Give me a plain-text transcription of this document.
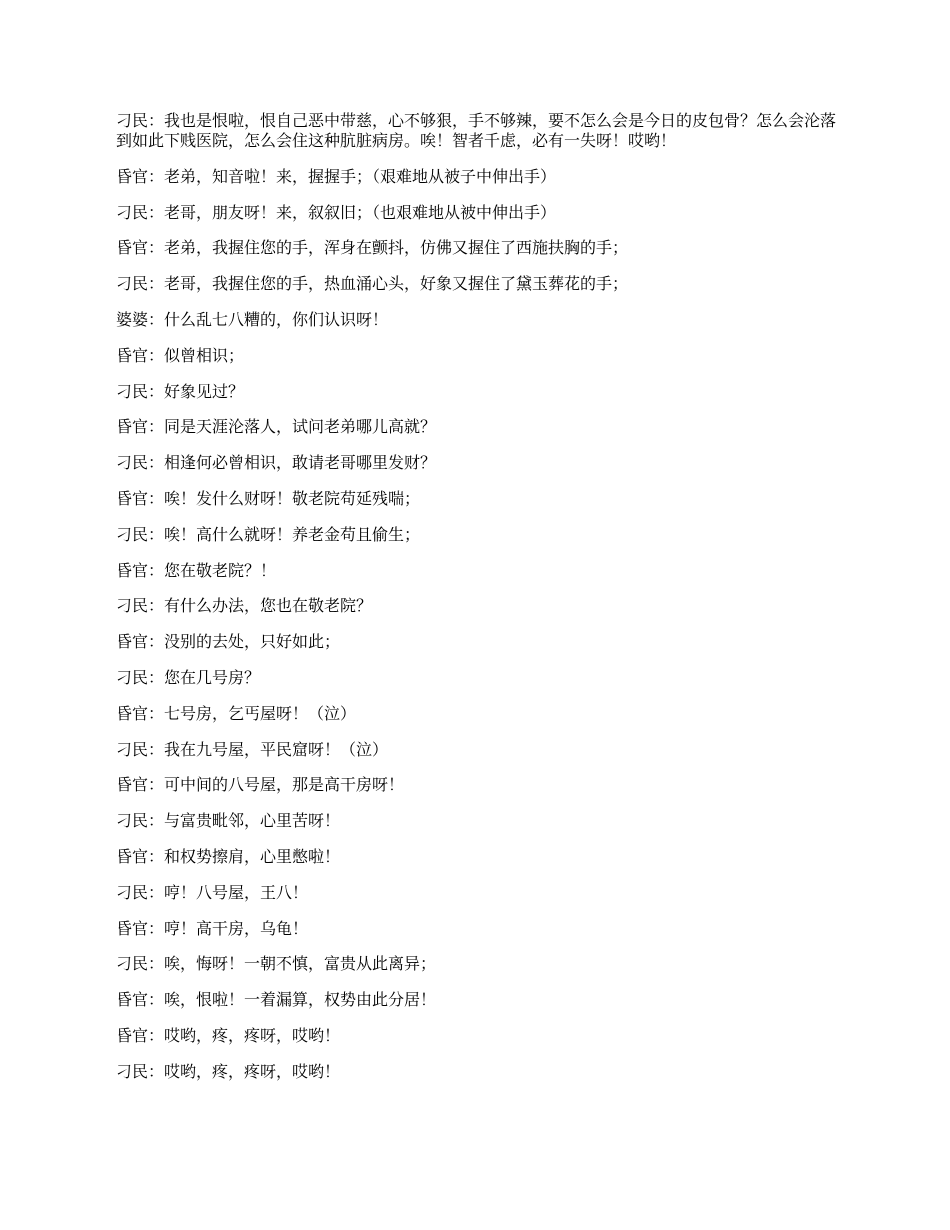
刁民：我也是恨啦，恨自己恶中带慈，心不够狠，手不够辣，要不怎么会是今日的皮包骨？怎么会沦落到如此下贱医院，怎么会住这种肮脏病房。唉！智者千虑，必有一失呀！哎哟！

昏官：老弟，知音啦！来，握握手；（艰难地从被子中伸出手）

刁民：老哥，朋友呀！来，叙叙旧；（也艰难地从被中伸出手）

昏官：老弟，我握住您的手，浑身在颤抖，仿佛又握住了西施扶胸的手；

刁民：老哥，我握住您的手，热血涌心头，好象又握住了黛玉葬花的手；

婆婆：什么乱七八糟的，你们认识呀！

昏官：似曾相识；

刁民：好象见过？

昏官：同是天涯沦落人，试问老弟哪儿高就？

刁民：相逢何必曾相识，敢请老哥哪里发财？

昏官：唉！发什么财呀！敬老院苟延残喘；

刁民：唉！高什么就呀！养老金苟且偷生；

昏官：您在敬老院？！

刁民：有什么办法，您也在敬老院？

昏官：没别的去处，只好如此；

刁民：您在几号房？

昏官：七号房，乞丐屋呀！（泣）

刁民：我在九号屋，平民窟呀！（泣）

昏官：可中间的八号屋，那是高干房呀！

刁民：与富贵毗邻，心里苦呀！

昏官：和权势擦肩，心里憋啦！

刁民：哼！八号屋，王八！

昏官：哼！高干房，乌龟！

刁民：唉，悔呀！一朝不慎，富贵从此离异；

昏官：唉，恨啦！一着漏算，权势由此分居！

昏官：哎哟，疼，疼呀，哎哟！

刁民：哎哟，疼，疼呀，哎哟！
